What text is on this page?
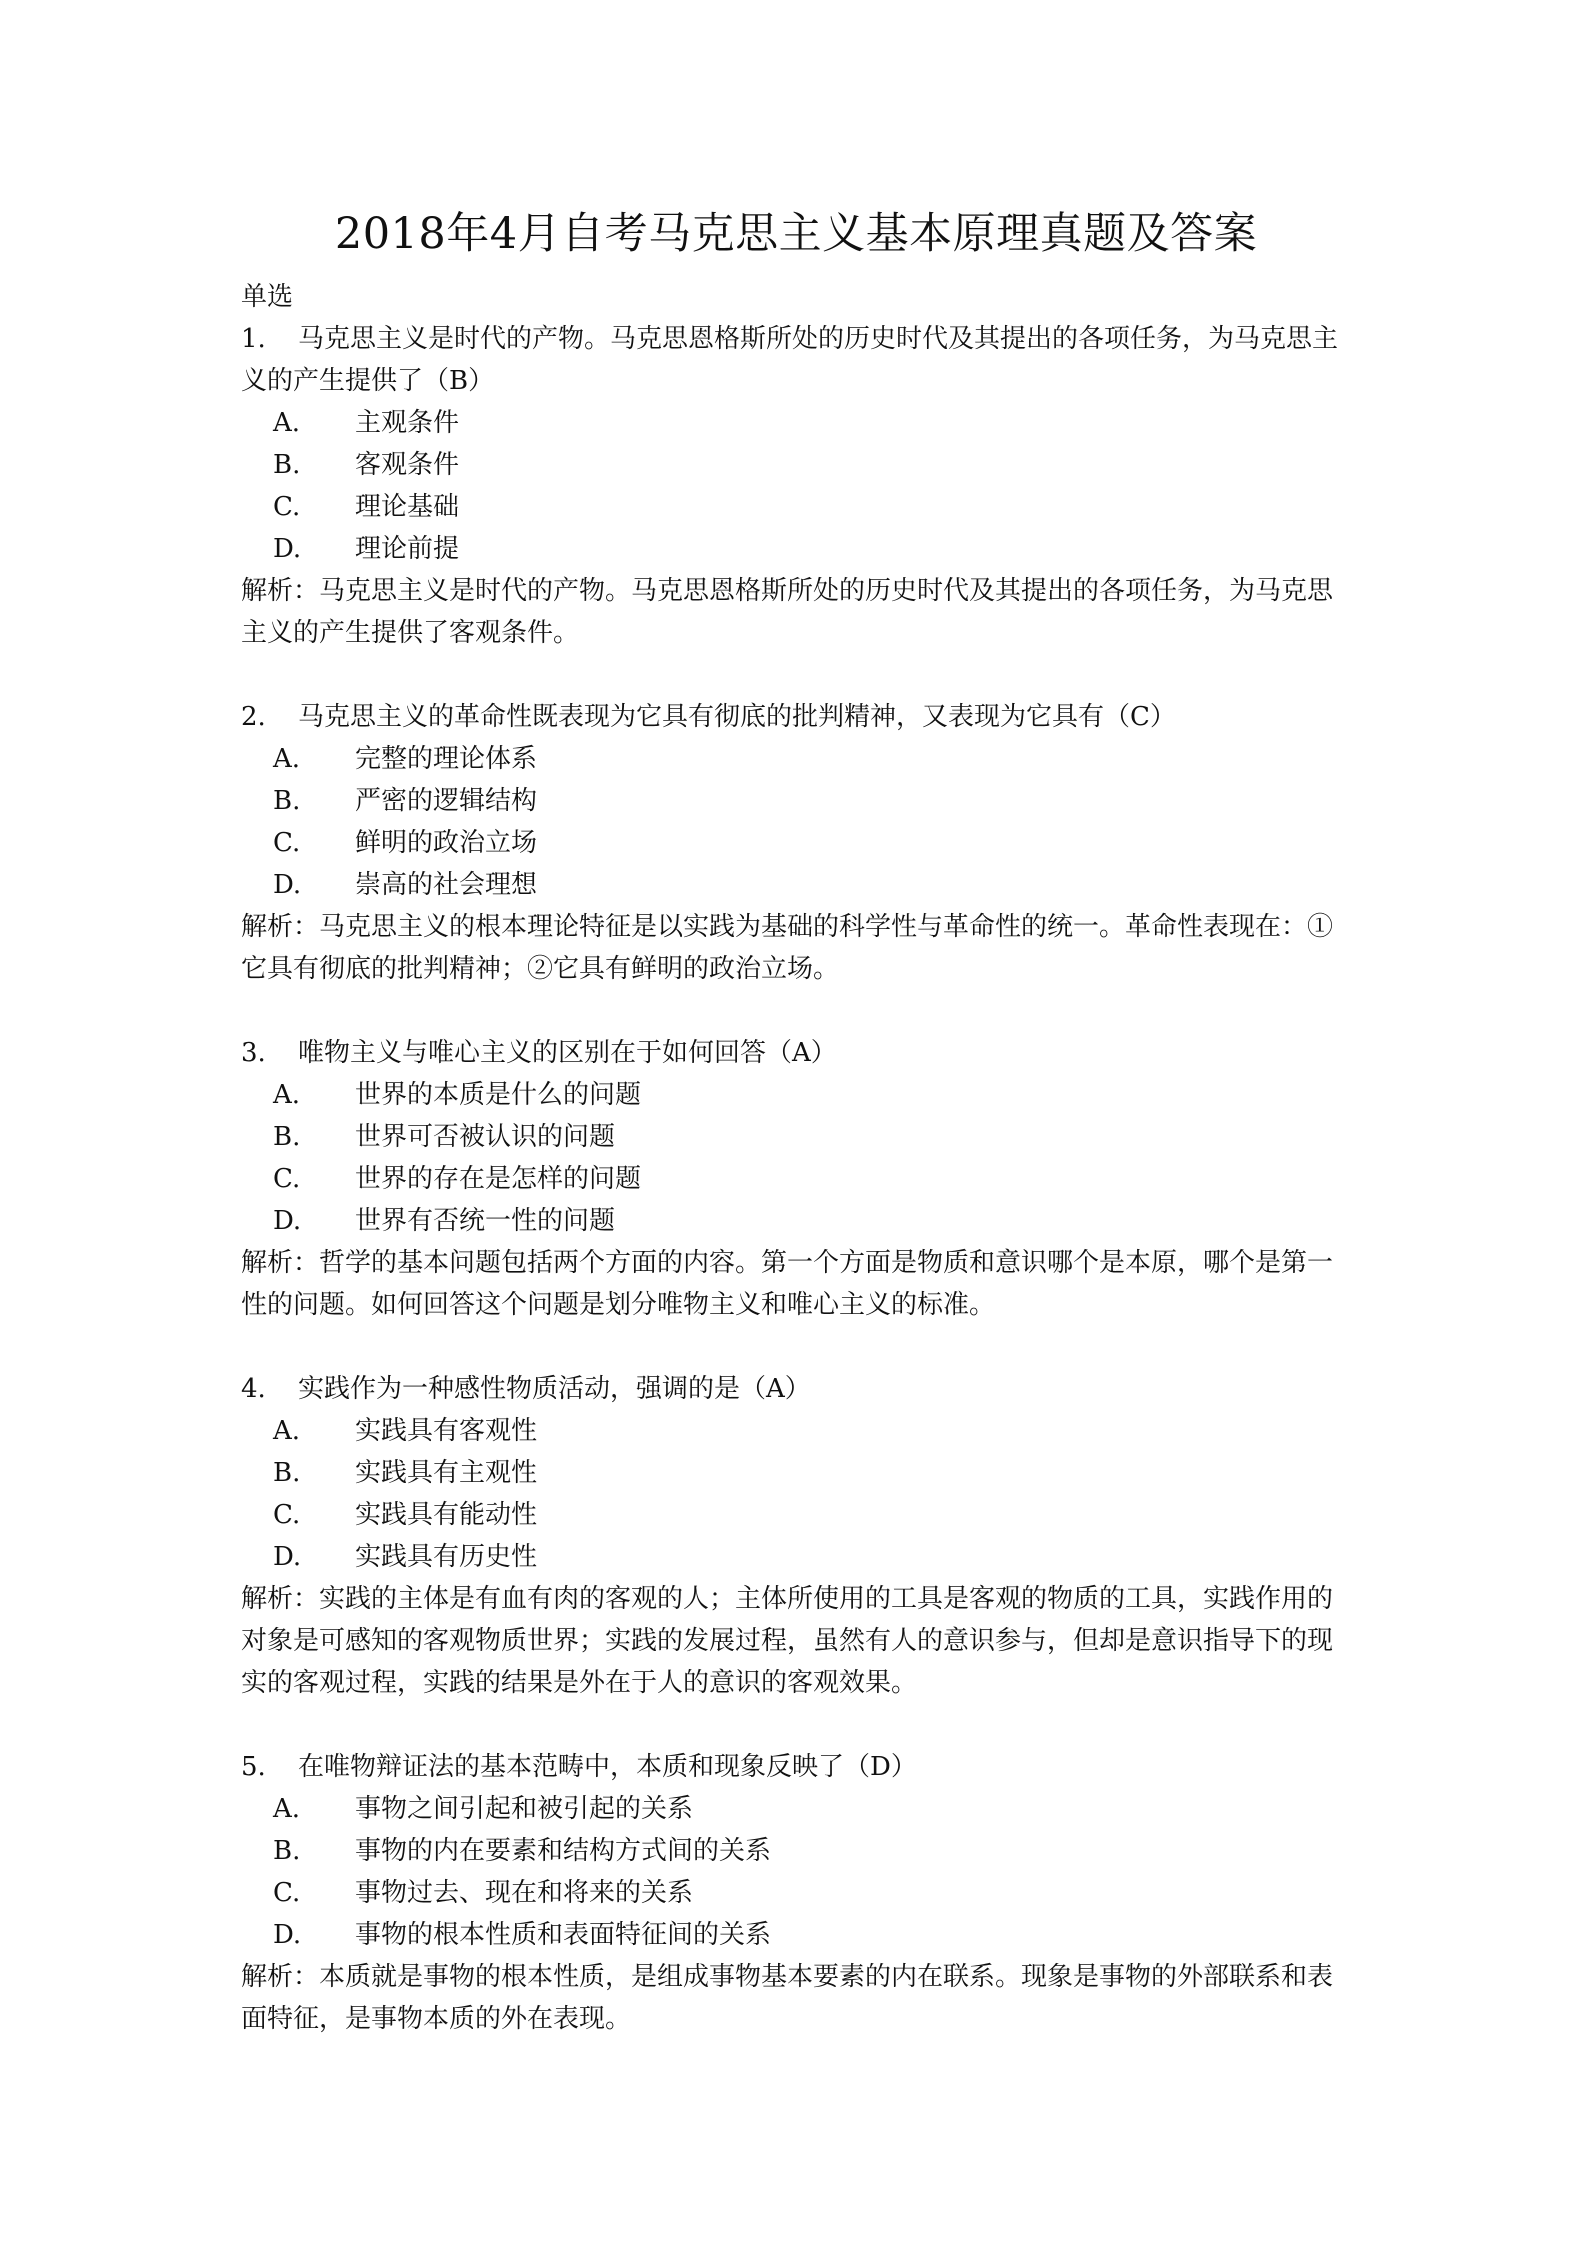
2018年4月自考马克思主义基本原理真题及答案
单选
1. 马克思主义是时代的产物。马克思恩格斯所处的历史时代及其提出的各项任务，为马克思主义的产生提供了（B）
A. 主观条件
B. 客观条件
C. 理论基础
D. 理论前提
解析：马克思主义是时代的产物。马克思恩格斯所处的历史时代及其提出的各项任务，为马克思主义的产生提供了客观条件。
2. 马克思主义的革命性既表现为它具有彻底的批判精神，又表现为它具有（C）
A. 完整的理论体系
B. 严密的逻辑结构
C. 鲜明的政治立场
D. 崇高的社会理想
解析：马克思主义的根本理论特征是以实践为基础的科学性与革命性的统一。革命性表现在：①它具有彻底的批判精神；②它具有鲜明的政治立场。
3. 唯物主义与唯心主义的区别在于如何回答（A）
A. 世界的本质是什么的问题
B. 世界可否被认识的问题
C. 世界的存在是怎样的问题
D. 世界有否统一性的问题
解析：哲学的基本问题包括两个方面的内容。第一个方面是物质和意识哪个是本原，哪个是第一性的问题。如何回答这个问题是划分唯物主义和唯心主义的标准。
4. 实践作为一种感性物质活动，强调的是（A）
A. 实践具有客观性
B. 实践具有主观性
C. 实践具有能动性
D. 实践具有历史性
解析：实践的主体是有血有肉的客观的人；主体所使用的工具是客观的物质的工具，实践作用的对象是可感知的客观物质世界；实践的发展过程，虽然有人的意识参与，但却是意识指导下的现实的客观过程，实践的结果是外在于人的意识的客观效果。
5. 在唯物辩证法的基本范畴中，本质和现象反映了（D）
A. 事物之间引起和被引起的关系
B. 事物的内在要素和结构方式间的关系
C. 事物过去、现在和将来的关系
D. 事物的根本性质和表面特征间的关系
解析：本质就是事物的根本性质，是组成事物基本要素的内在联系。现象是事物的外部联系和表面特征，是事物本质的外在表现。
